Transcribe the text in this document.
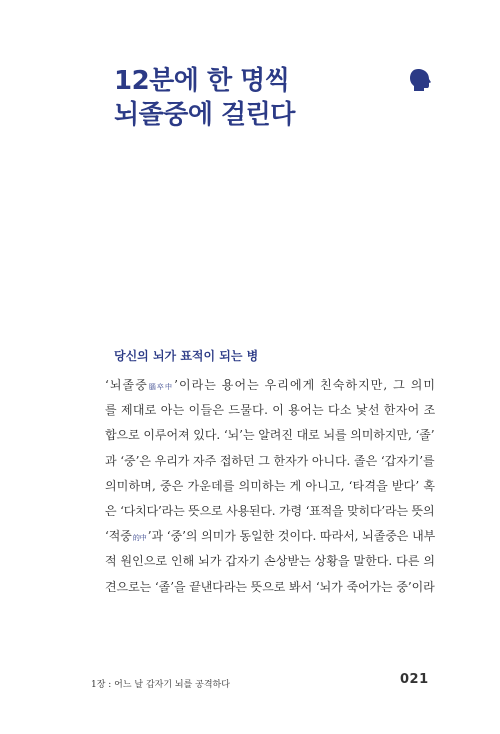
12분에 한 명씩
뇌졸중에 걸린다
당신의 뇌가 표적이 되는 병
‘뇌졸중腦卒中’이라는 용어는 우리에게 친숙하지만, 그 의미
를 제대로 아는 이들은 드물다. 이 용어는 다소 낯선 한자어 조
합으로 이루어져 있다. ‘뇌’는 알려진 대로 뇌를 의미하지만, ‘졸’
과 ‘중’은 우리가 자주 접하던 그 한자가 아니다. 졸은 ‘갑자기’를
의미하며, 중은 가운데를 의미하는 게 아니고, ‘타격을 받다’ 혹
은 ‘다치다’라는 뜻으로 사용된다. 가령 ‘표적을 맞히다’라는 뜻의
‘적중的中’과 ‘중’의 의미가 동일한 것이다. 따라서, 뇌졸중은 내부
적 원인으로 인해 뇌가 갑자기 손상받는 상황을 말한다. 다른 의
견으로는 ‘졸’을 끝낸다라는 뜻으로 봐서 ‘뇌가 죽어가는 중’이라
1장 : 어느 날 갑자기 뇌를 공격하다	021
